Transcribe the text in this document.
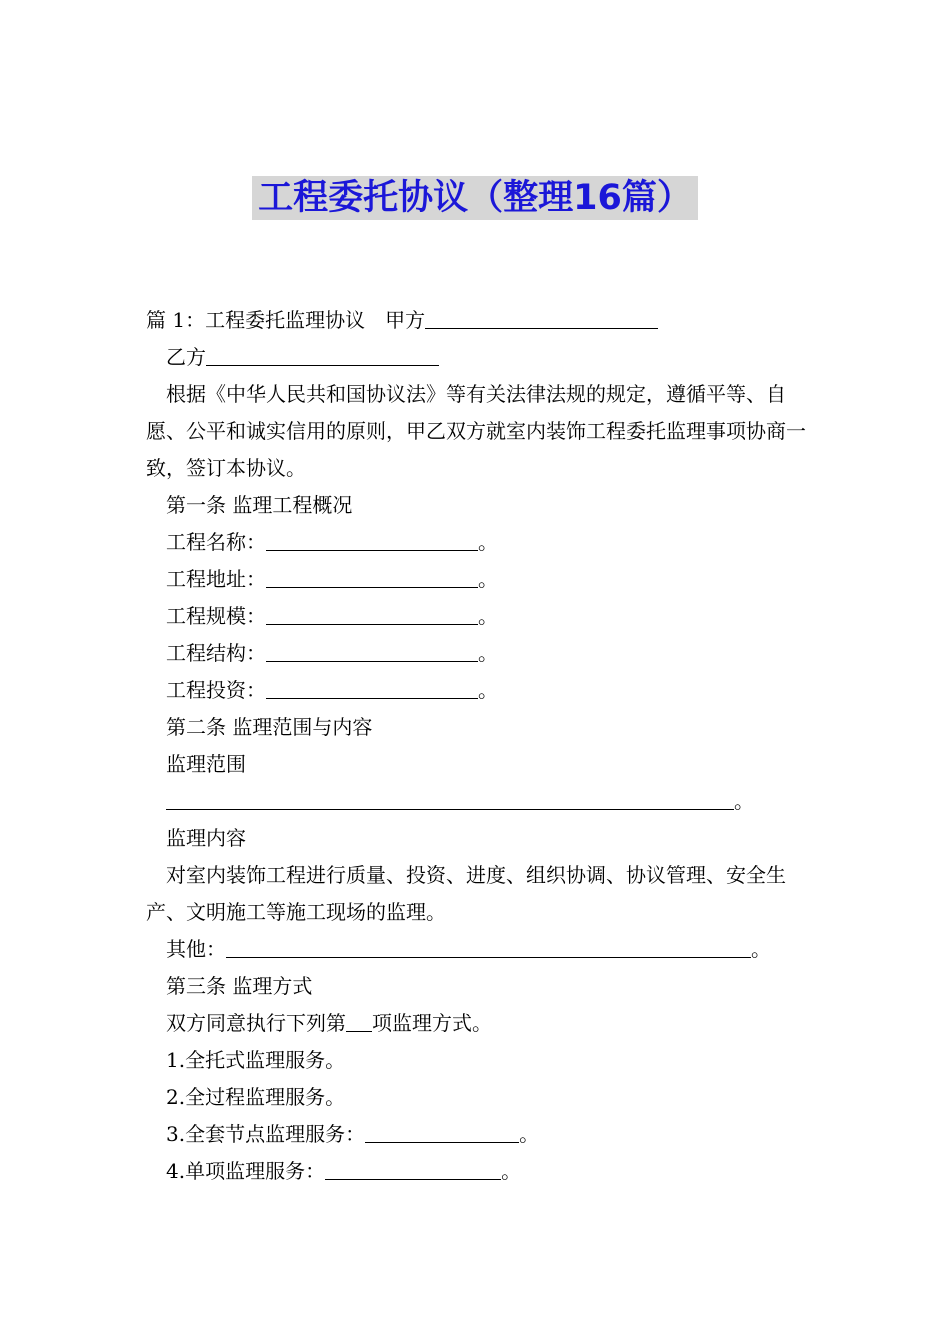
工程委托协议（整理16篇）
篇 1：工程委托监理协议 甲方
乙方
根据《中华人民共和国协议法》等有关法律法规的规定，遵循平等、自愿、公平和诚实信用的原则，甲乙双方就室内装饰工程委托监理事项协商一致，签订本协议。
第一条 监理工程概况
工程名称：	。
工程地址：	。
工程规模：	。
工程结构：	。
工程投资：	。
第二条 监理范围与内容
监理范围
。
监理内容
对室内装饰工程进行质量、投资、进度、组织协调、协议管理、安全生产、文明施工等施工现场的监理。
其他：	。
第三条 监理方式
双方同意执行下列第 项监理方式。
1.全托式监理服务。
2.全过程监理服务。
3.全套节点监理服务：	。
4.单项监理服务：	。
